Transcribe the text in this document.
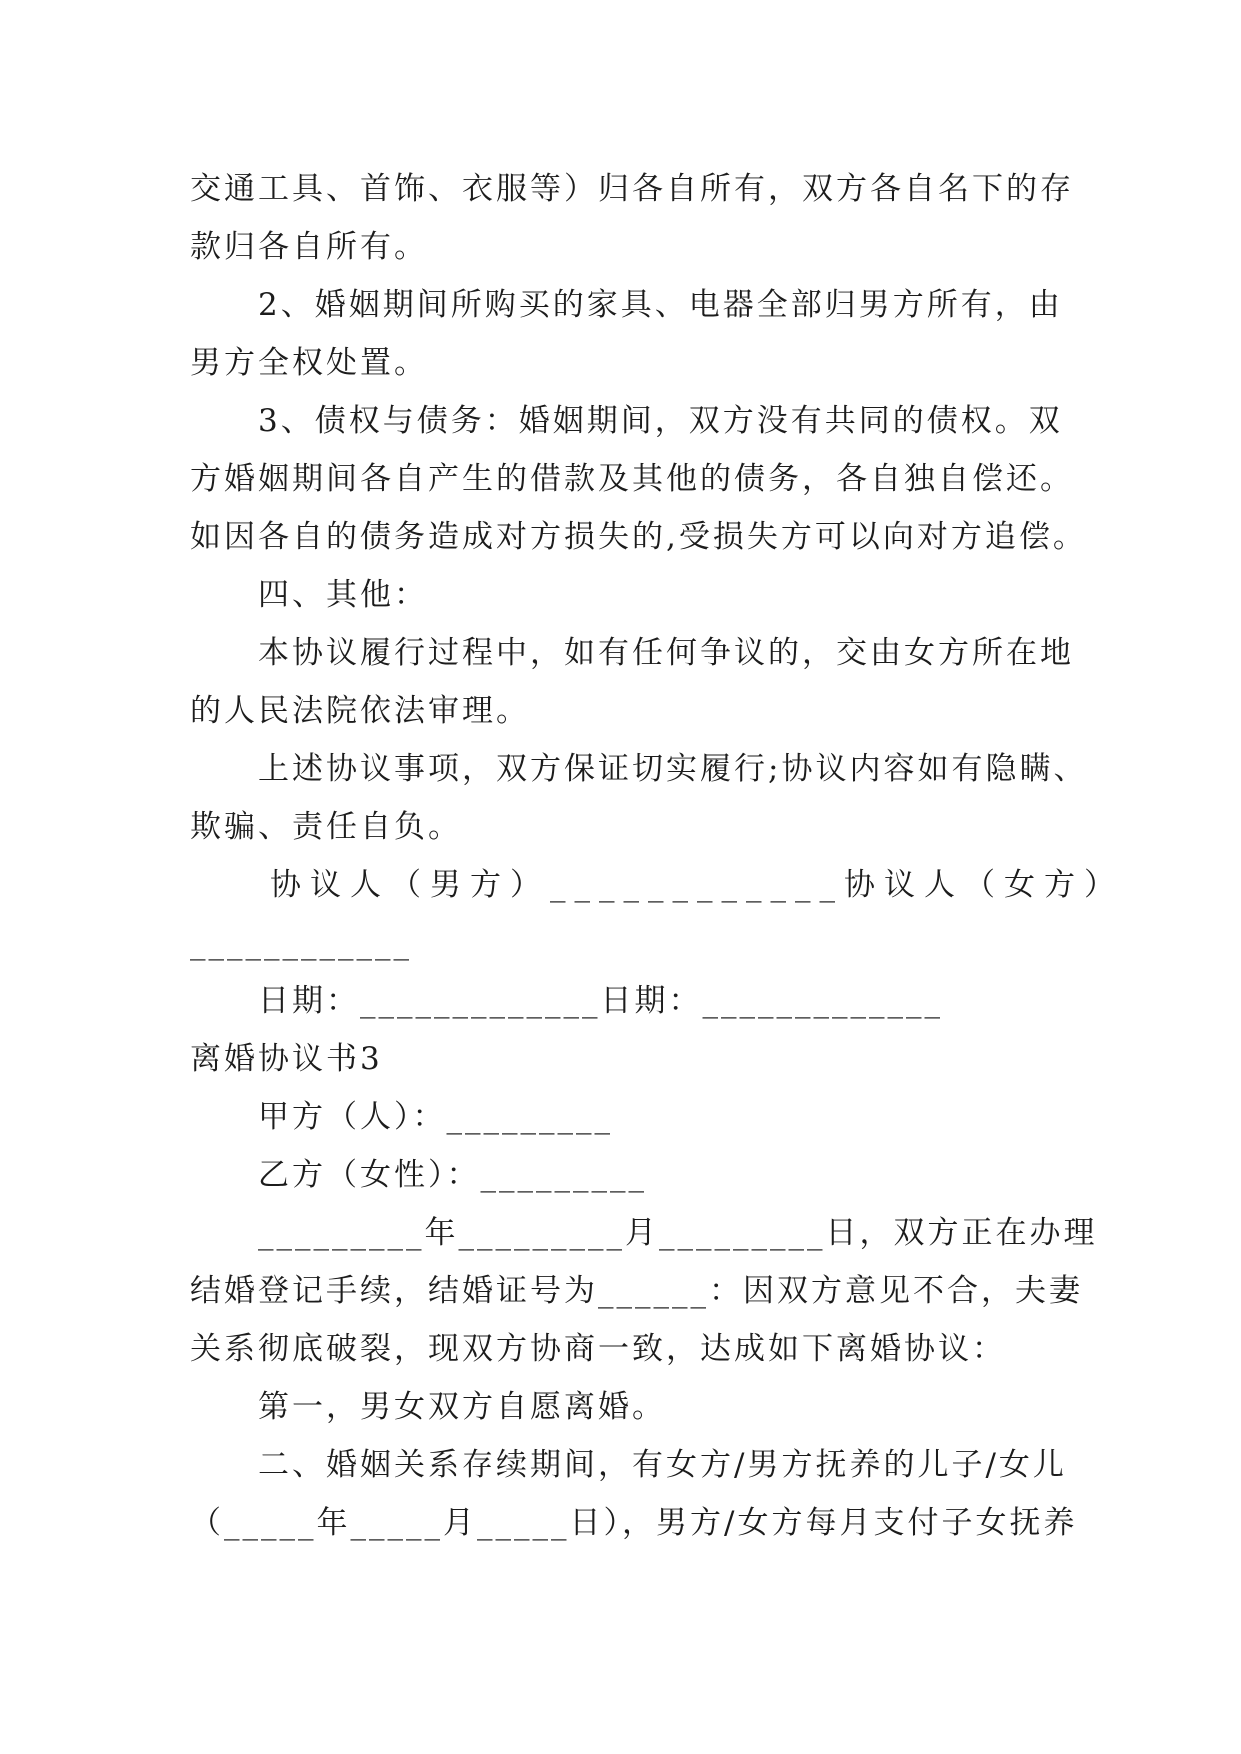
交通工具、首饰、衣服等）归各自所有，双方各自名下的存
款归各自所有。
2、婚姻期间所购买的家具、电器全部归男方所有，由
男方全权处置。
3、债权与债务：婚姻期间，双方没有共同的债权。双
方婚姻期间各自产生的借款及其他的债务，各自独自偿还。
如因各自的债务造成对方损失的,受损失方可以向对方追偿。
四、其他：
本协议履行过程中，如有任何争议的，交由女方所在地
的人民法院依法审理。
上述协议事项，双方保证切实履行;协议内容如有隐瞒、
欺骗、责任自负。
协议人（男方）____________协议人（女方）
____________
日期：_____________日期：_____________
离婚协议书3
甲方（人）：_________
乙方（女性）：_________
_________年_________月_________日，双方正在办理
结婚登记手续，结婚证号为______：因双方意见不合，夫妻
关系彻底破裂，现双方协商一致，达成如下离婚协议：
第一，男女双方自愿离婚。
二、婚姻关系存续期间，有女方/男方抚养的儿子/女儿
（_____年_____月_____日），男方/女方每月支付子女抚养
